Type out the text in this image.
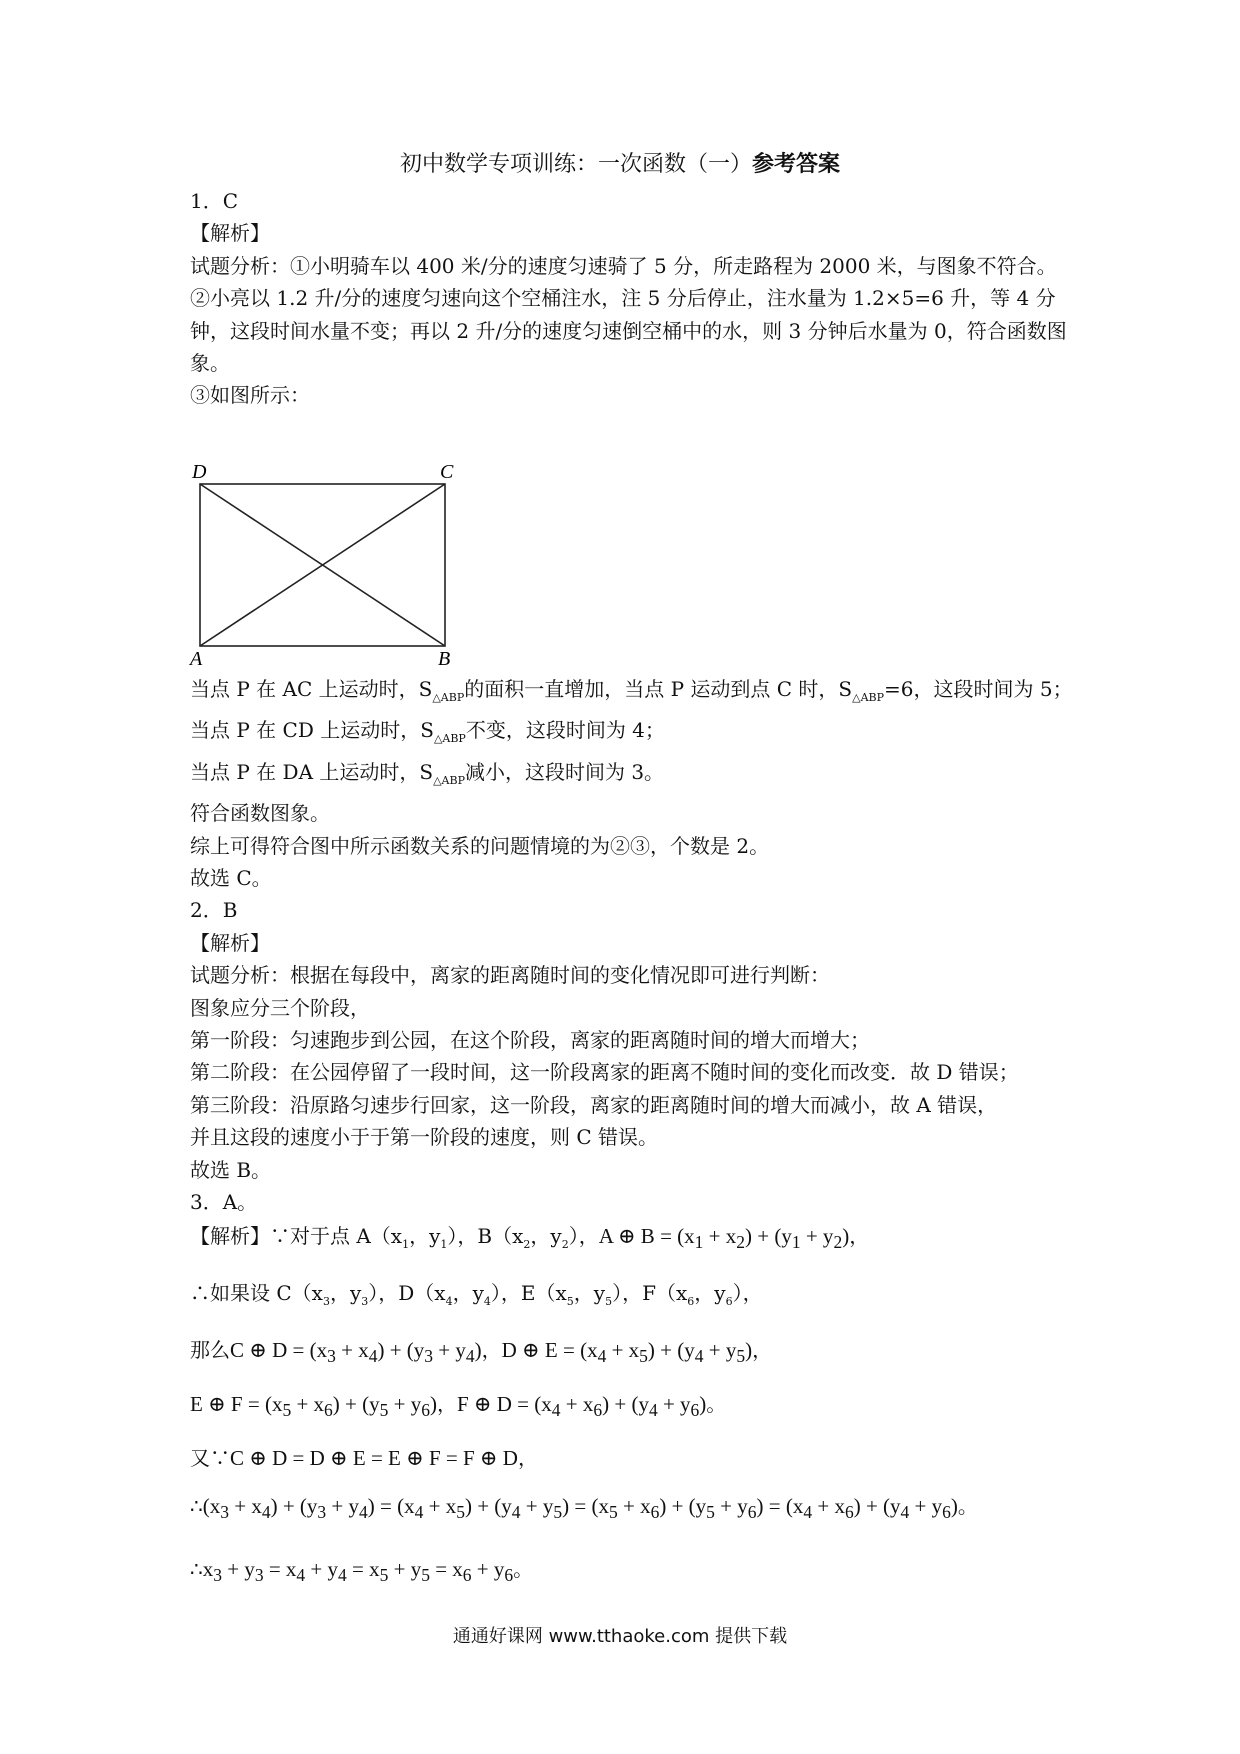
初中数学专项训练：一次函数（一）参考答案
1．C
【解析】
试题分析：①小明骑车以 400 米/分的速度匀速骑了 5 分，所走路程为 2000 米，与图象不符合。
②小亮以 1.2 升/分的速度匀速向这个空桶注水，注 5 分后停止，注水量为 1.2×5=6 升，等 4 分钟，这段时间水量不变；再以 2 升/分的速度匀速倒空桶中的水，则 3 分钟后水量为 0，符合函数图象。
③如图所示：
D	C
A	B
当点 P 在 AC 上运动时，$S_{\triangle ABP}$的面积一直增加，当点 P 运动到点 C 时，$S_{\triangle ABP}=6$，这段时间为 5；
当点 P 在 CD 上运动时，$S_{\triangle ABP}$不变，这段时间为 4；
当点 P 在 DA 上运动时，$S_{\triangle ABP}$减小，这段时间为 3。
符合函数图象。
综上可得符合图中所示函数关系的问题情境的为②③，个数是 2。
故选 C。
2．B
【解析】
试题分析：根据在每段中，离家的距离随时间的变化情况即可进行判断：
图象应分三个阶段，
第一阶段：匀速跑步到公园，在这个阶段，离家的距离随时间的增大而增大；
第二阶段：在公园停留了一段时间，这一阶段离家的距离不随时间的变化而改变．故 D 错误；
第三阶段：沿原路匀速步行回家，这一阶段，离家的距离随时间的增大而减小，故 A 错误，
并且这段的速度小于于第一阶段的速度，则 C 错误。
故选 B。
3．A。
【解析】∵对于点 $A(x_1$，$y_1$），$B(x_2$，$y_2$），A ⊕ $B = (x_1 + x_2) + (y_1 + y_2)$，
∴如果设 $C(x_3$，$y_3$），$D(x_4$，$y_4$），$E(x_5$，$y_5$），$F(x_6$，$y_6$），
那么C ⊕ $D = (x_3 + x_4) + (y_3 + y_4)$，D ⊕ $E = (x_4 + x_5) + (y_4 + y_5)$，
E ⊕ $F = (x_5 + x_6) + (y_5 + y_6)$，F ⊕ $D = (x_4 + x_6) + (y_4 + y_6)$。
又∵C ⊕ D = D ⊕ E = E ⊕ F = F ⊕ D，
$\therefore(x_3 + x_4) + (y_3 + y_4) = (x_4 + x_5) + (y_4 + y_5) = (x_5 + x_6) + (y_5 + y_6) = (x_4 + x_6) + (y_4 + y_6)$。
$\therefore x_3 + y_3 = x_4 + y_4 = x_5 + y_5 = x_6 + y_6$。
通通好课网 www.tthaoke.com 提供下载
